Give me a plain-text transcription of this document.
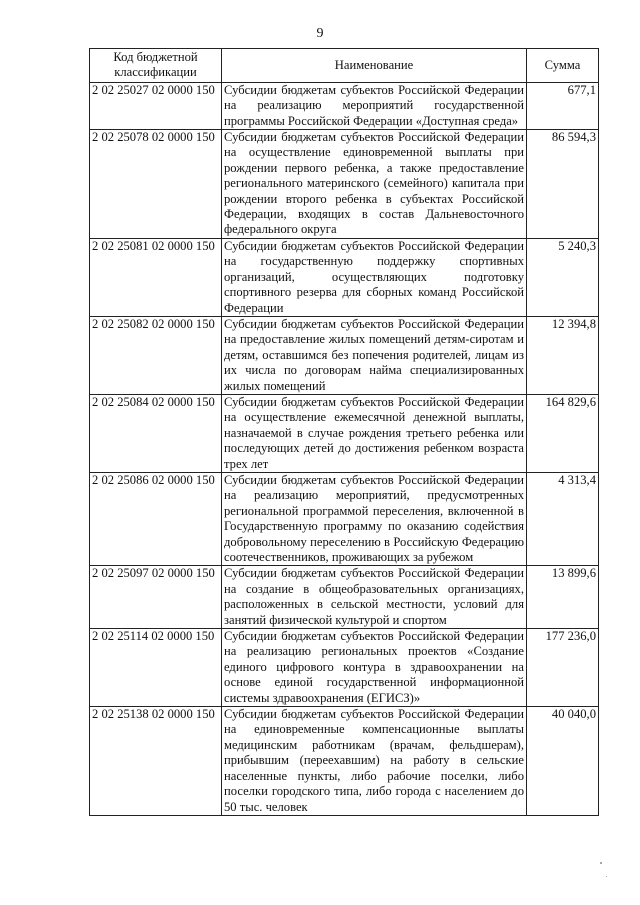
9
Код бюджетной классификации	Наименование	Сумма
2 02 25027 02 0000 150	Субсидии бюджетам субъектов Российской Федерации на реализацию мероприятий государственной программы Российской Федерации «Доступная среда»	677,1
2 02 25078 02 0000 150	Субсидии бюджетам субъектов Российской Федерации на осуществление единовременной выплаты при рождении первого ребенка, а также предоставление регионального материнского (семейного) капитала при рождении второго ребенка в субъектах Российской Федерации, входящих в состав Дальневосточного федерального округа	86 594,3
2 02 25081 02 0000 150	Субсидии бюджетам субъектов Российской Федерации на государственную поддержку спортивных организаций, осуществляющих подготовку спортивного резерва для сборных команд Российской Федерации	5 240,3
2 02 25082 02 0000 150	Субсидии бюджетам субъектов Российской Федерации на предоставление жилых помещений детям-сиротам и детям, оставшимся без попечения родителей, лицам из их числа по договорам найма специализированных жилых помещений	12 394,8
2 02 25084 02 0000 150	Субсидии бюджетам субъектов Российской Федерации на осуществление ежемесячной денежной выплаты, назначаемой в случае рождения третьего ребенка или последующих детей до достижения ребенком возраста трех лет	164 829,6
2 02 25086 02 0000 150	Субсидии бюджетам субъектов Российской Федерации на реализацию мероприятий, предусмотренных региональной программой переселения, включенной в Государственную программу по оказанию содействия добровольному переселению в Российскую Федерацию соотечественников, проживающих за рубежом	4 313,4
2 02 25097 02 0000 150	Субсидии бюджетам субъектов Российской Федерации на создание в общеобразовательных организациях, расположенных в сельской местности, условий для занятий физической культурой и спортом	13 899,6
2 02 25114 02 0000 150	Субсидии бюджетам субъектов Российской Федерации на реализацию региональных проектов «Создание единого цифрового контура в здравоохранении на основе единой государственной информационной системы здравоохранения (ЕГИСЗ)»	177 236,0
2 02 25138 02 0000 150	Субсидии бюджетам субъектов Российской Федерации на единовременные компенсационные выплаты медицинским работникам (врачам, фельдшерам), прибывшим (переехавшим) на работу в сельские населенные пункты, либо рабочие поселки, либо поселки городского типа, либо города с населением до 50 тыс. человек	40 040,0
